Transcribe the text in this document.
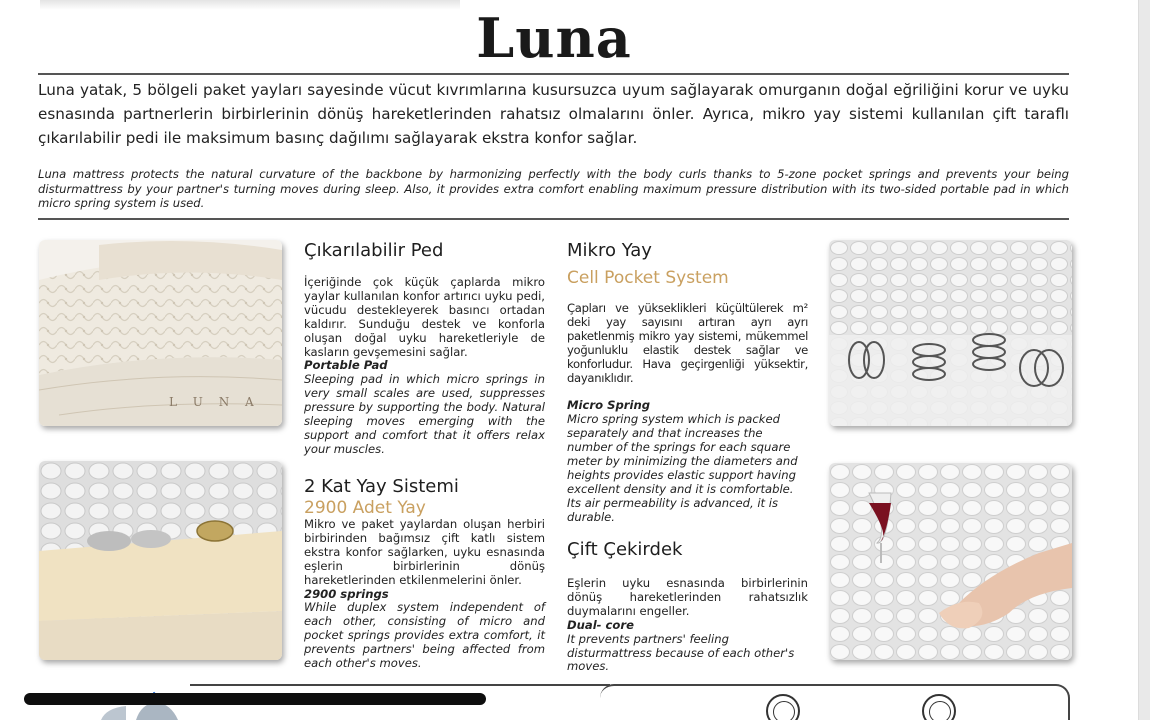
Luna

Luna yatak, 5 bölgeli paket yayları sayesinde vücut kıvrımlarına kusursuzca uyum sağlayarak omurganın doğal eğriliğini korur ve uyku esnasında partnerlerin birbirlerinin dönüş hareketlerinden rahatsız olmalarını önler. Ayrıca, mikro yay sistemi kullanılan çift taraflı çıkarılabilir pedi ile maksimum basınç dağılımı sağlayarak ekstra konfor sağlar.

Luna mattress protects the natural curvature of the backbone by harmonizing perfectly with the body curls thanks to 5-zone pocket springs and prevents your being disturmattress by your partner's turning moves during sleep. Also, it provides extra comfort enabling maximum pressure distribution with its two-sided portable pad in which micro spring system is used.

L U N A
Çıkarılabilir Ped

İçeriğinde çok küçük çaplarda mikro yaylar kullanılan konfor artırıcı uyku pedi, vücudu destekleyerek basıncı ortadan kaldırır. Sunduğu destek ve konforla oluşan doğal uyku hareketleriyle de kasların gevşemesini sağlar.

Portable Pad

Sleeping pad in which micro springs in very small scales are used, suppresses pressure by supporting the body. Natural sleeping moves emerging with the support and comfort that it offers relax your muscles.

2 Kat Yay Sistemi
2900 Adet Yay

Mikro ve paket yaylardan oluşan herbiri birbirinden bağımsız çift katlı sistem ekstra konfor sağlarken, uyku esnasında eşlerin birbirlerinin dönüş hareketlerinden etkilenmelerini önler.

2900 springs

While duplex system independent of each other, consisting of micro and pocket springs provides extra comfort, it prevents partners' being affected from each other's moves.

Mikro Yay
Cell Pocket System

Çapları ve yükseklikleri küçültülerek m² deki yay sayısını artıran ayrı ayrı paketlenmiş mikro yay sistemi, mükemmel yoğunluklu elastik destek sağlar ve konforludur. Hava geçirgenliği yüksektir, dayanıklıdır.

Micro Spring

Micro spring system which is packed separately and that increases the number of the springs for each square meter by minimizing the diameters and heights provides elastic support having excellent density and it is comfortable. Its air permeability is advanced, it is durable.

Çift Çekirdek

Eşlerin uyku esnasında birbirlerinin dönüş hareketlerinden rahatsızlık duymalarını engeller.

Dual- core

It prevents partners' feeling disturmattress because of each other's moves.
